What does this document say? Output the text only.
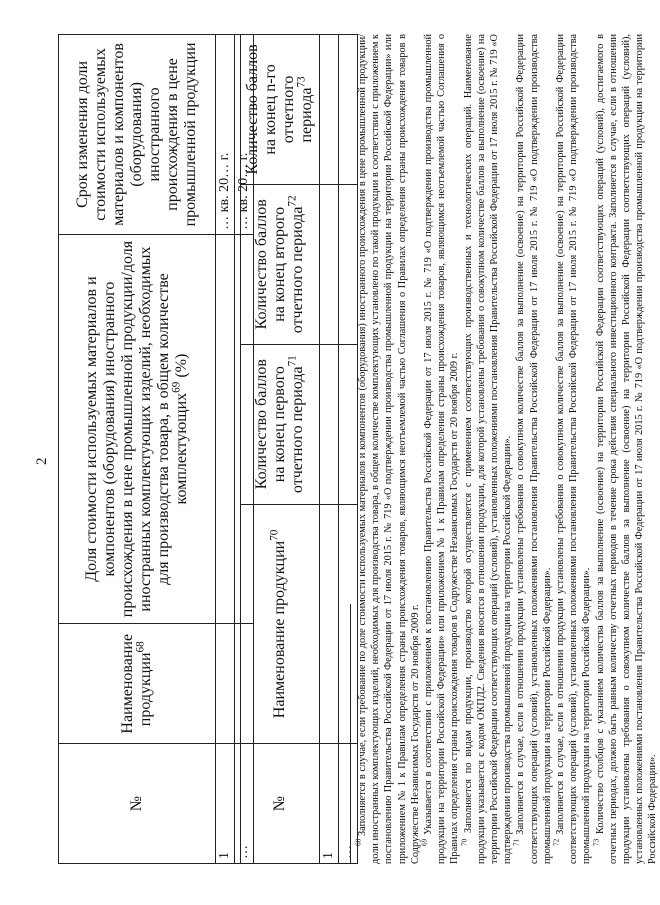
2
№	Наименование продукции$^{68}$	Доля стоимости используемых материалов и компонентов (оборудования) иностранного происхождения в цене промышленной продукции/доля иностранных комплектующих изделий, необходимых для производства товара, в общем количестве комплектующих$^{69}$ (%)	Срок изменения доли стоимости используемых материалов и компонентов (оборудования) иностранного происхождения в цене промышленной продукции
1			… кв. 20… г.
…			… кв. 20… г.
№	Наименование продукции$^{70}$	Количество баллов на конец первого отчетного периода$^{71}$	Количество баллов на конец второго отчетного периода$^{72}$	Количество баллов на конец n-го отчетного периода$^{73}$
1				
…				

$^{68}$ Заполняется в случае, если требование по доле стоимости используемых материалов и компонентов (оборудования) иностранного происхождения в цене промышленной продукции/доли иностранных комплектующих изделий, необходимых для производства товара, в общем количестве комплектующих установлено по такой продукции в соответствии с приложением к постановлению Правительства Российской Федерации от 17 июля 2015 г. № 719 «О подтверждении производства промышленной продукции на территории Российской Федерации» или приложением № 1 к Правилам определения страны происхождения товаров, являющимся неотъемлемой частью Соглашения о Правилах определения страны происхождения товаров в Содружестве Независимых Государств от 20 ноября 2009 г. $^{69}$ Указывается в соответствии с приложением к постановлению Правительства Российской Федерации от 17 июля 2015 г. № 719 «О подтверждении производства промышленной продукции на территории Российской Федерации» или приложением № 1 к Правилам определения страны происхождения товаров, являющимся неотъемлемой частью Соглашения о Правилах определения страны происхождения товаров в Содружестве Независимых Государств от 20 ноября 2009 г. $^{70}$ Заполняется по видам продукции, производство которой осуществляется с применением соответствующих производственных и технологических операций. Наименование продукции указывается с кодом ОКПД2. Сведения вносятся в отношении продукции, для которой установлены требования о совокупном количестве баллов за выполнение (освоение) на территории Российской Федерации соответствующих операций (условий), установленных положениями постановления Правительства Российской Федерации от 17 июля 2015 г. № 719 «О подтверждении производства промышленной продукции на территории Российской Федерации». $^{71}$ Заполняется в случае, если в отношении продукции установлены требования о совокупном количестве баллов за выполнение (освоение) на территории Российской Федерации соответствующих операций (условий), установленных положениями постановления Правительства Российской Федерации от 17 июля 2015 г. № 719 «О подтверждении производства промышленной продукции на территории Российской Федерации». $^{72}$ Заполняется в случае, если в отношении продукции установлены требования о совокупном количестве баллов за выполнение (освоение) на территории Российской Федерации соответствующих операций (условий), установленных положениями постановления Правительства Российской Федерации от 17 июля 2015 г. № 719 «О подтверждении производства промышленной продукции на территории Российской Федерации». $^{73}$ Количество столбцов с указанием количества баллов за выполнение (освоение) на территории Российской Федерации соответствующих операций (условий), достигаемого в отчетных периодах, должно быть равным количеству отчетных периодов в течение срока действия специального инвестиционного контракта. Заполняется в случае, если в отношении продукции установлены требования о совокупном количестве баллов за выполнение (освоение) на территории Российской Федерации соответствующих операций (условий), установленных положениями постановления Правительства Российской Федерации от 17 июля 2015 г. № 719 «О подтверждении производства промышленной продукции на территории Российской Федерации».
